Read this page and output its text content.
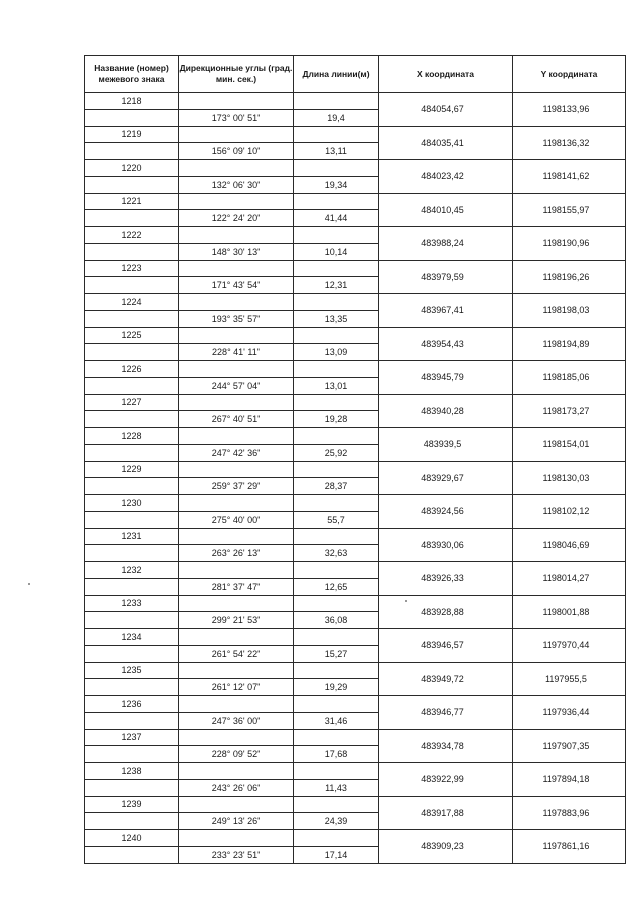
Название (номер) межевого знака	Дирекционные углы (град. мин. сек.)	Длина линии(м)	X координата	Y координата
1218			484054,67	1198133,96
	173° 00' 51"	19,4		
1219			484035,41	1198136,32
	156° 09' 10"	13,11		
1220			484023,42	1198141,62
	132° 06' 30"	19,34		
1221			484010,45	1198155,97
	122° 24' 20"	41,44		
1222			483988,24	1198190,96
	148° 30' 13"	10,14		
1223			483979,59	1198196,26
	171° 43' 54"	12,31		
1224			483967,41	1198198,03
	193° 35' 57"	13,35		
1225			483954,43	1198194,89
	228° 41' 11"	13,09		
1226			483945,79	1198185,06
	244° 57' 04"	13,01		
1227			483940,28	1198173,27
	267° 40' 51"	19,28		
1228			483939,5	1198154,01
	247° 42' 36"	25,92		
1229			483929,67	1198130,03
	259° 37' 29"	28,37		
1230			483924,56	1198102,12
	275° 40' 00"	55,7		
1231			483930,06	1198046,69
	263° 26' 13"	32,63		
1232			483926,33	1198014,27
	281° 37' 47"	12,65		
1233			483928,88	1198001,88
	299° 21' 53"	36,08		
1234			483946,57	1197970,44
	261° 54' 22"	15,27		
1235			483949,72	1197955,5
	261° 12' 07"	19,29		
1236			483946,77	1197936,44
	247° 36' 00"	31,46		
1237			483934,78	1197907,35
	228° 09' 52"	17,68		
1238			483922,99	1197894,18
	243° 26' 06"	11,43		
1239			483917,88	1197883,96
	249° 13' 26"	24,39		
1240			483909,23	1197861,16
	233° 23' 51"	17,14		
